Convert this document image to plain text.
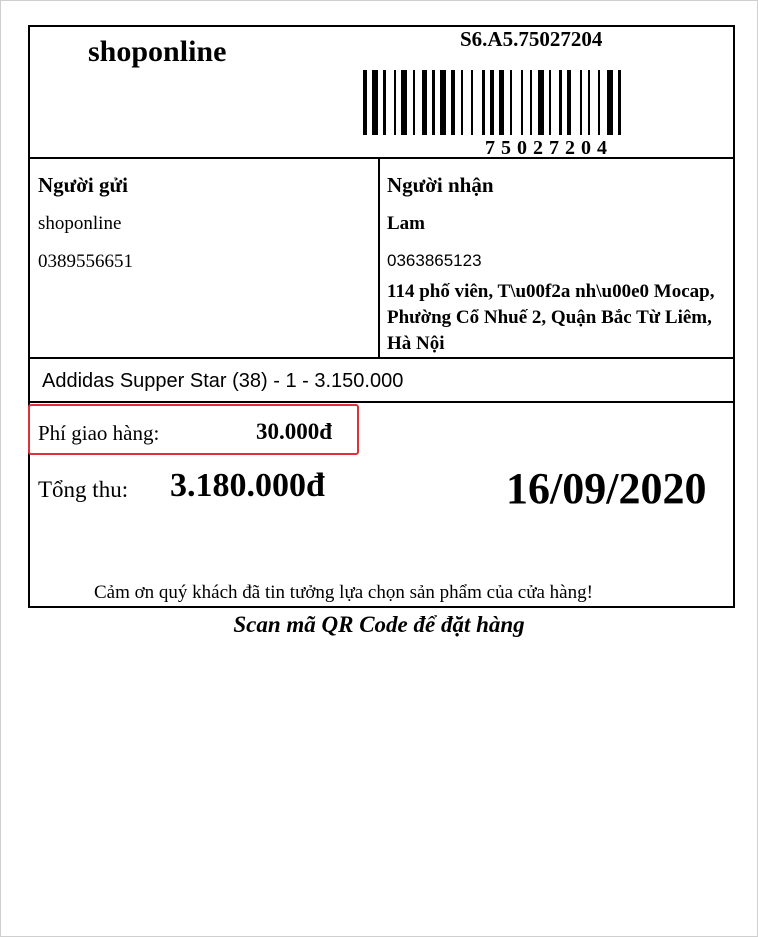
shoponline	S6.A5.75027204
75027204
Người gửi
shoponline
0389556651
Người nhận
Lam
0363865123
114 phố viên, T\u00f2a nh\u00e0 Mocap, Phường Cổ Nhuế 2, Quận Bắc Từ Liêm, Hà Nội
Addidas Supper Star (38) - 1 - 3.150.000
Phí giao hàng:	30.000đ
Tổng thu: 3.180.000đ	16/09/2020
Cảm ơn quý khách đã tin tưởng lựa chọn sản phẩm của cửa hàng!
Scan mã QR Code để đặt hàng
